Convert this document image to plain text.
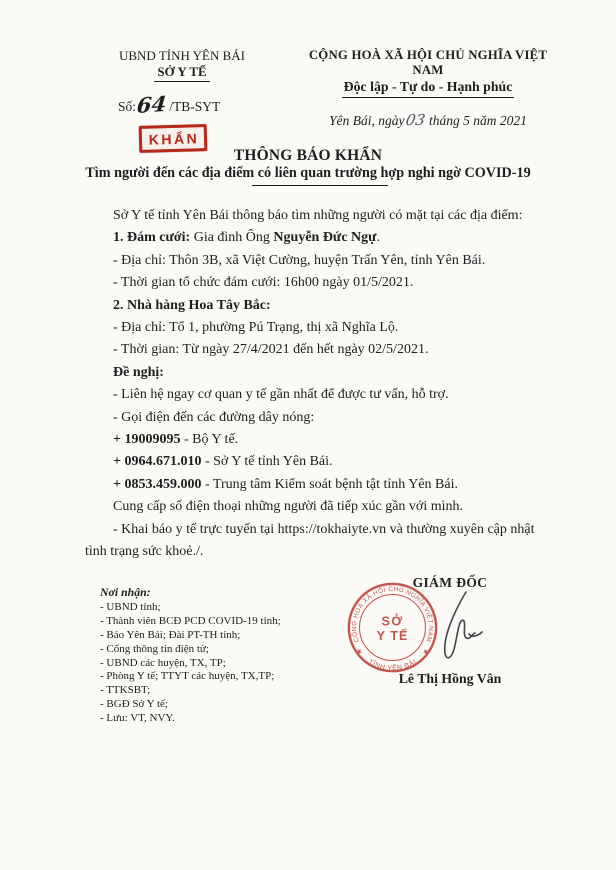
UBND TỈNH YÊN BÁI
SỞ Y TẾ
Số:64 /TB-SYT
CỘNG HOÀ XÃ HỘI CHỦ NGHĨA VIỆT NAM
Độc lập - Tự do - Hạnh phúc
Yên Bái, ngày03 tháng 5 năm 2021
KHẨN
THÔNG BÁO KHẨN
Tìm người đến các địa điểm có liên quan trường hợp nghi ngờ COVID-19

Sở Y tế tỉnh Yên Bái thông báo tìm những người có mặt tại các địa điểm:

1. Đám cưới: Gia đình Ông Nguyễn Đức Ngự.

- Địa chỉ: Thôn 3B, xã Việt Cường, huyện Trấn Yên, tỉnh Yên Bái.

- Thời gian tổ chức đám cưới: 16h00 ngày 01/5/2021.

2. Nhà hàng Hoa Tây Bắc:

- Địa chỉ: Tổ 1, phường Pú Trạng, thị xã Nghĩa Lộ.

- Thời gian: Từ ngày 27/4/2021 đến hết ngày 02/5/2021.

Đề nghị:

- Liên hệ ngay cơ quan y tế gần nhất để được tư vấn, hỗ trợ.

- Gọi điện đến các đường dây nóng:

+ 19009095 - Bộ Y tế.

+ 0964.671.010 - Sở Y tế tỉnh Yên Bái.

+ 0853.459.000 - Trung tâm Kiểm soát bệnh tật tỉnh Yên Bái.

Cung cấp số điện thoại những người đã tiếp xúc gần với mình.

- Khai báo y tế trực tuyến tại https://tokhaiyte.vn và thường xuyên cập nhật tình trạng sức khoẻ./.

Nơi nhận:
- UBND tỉnh;
- Thành viên BCĐ PCD COVID-19 tỉnh;
- Báo Yên Bái; Đài PT-TH tỉnh;
- Cổng thông tin điện tử;
- UBND các huyện, TX, TP;
- Phòng Y tế; TTYT các huyện, TX,TP;
- TTKSBT;
- BGĐ Sở Y tế;
- Lưu: VT, NVY.
GIÁM ĐỐC
Lê Thị Hồng Vân
CỘNG HOÀ XÃ HỘI CHỦ NGHĨA VIỆT NAM
TỈNH YÊN BÁI
★	★
SỞ
Y TẾ
